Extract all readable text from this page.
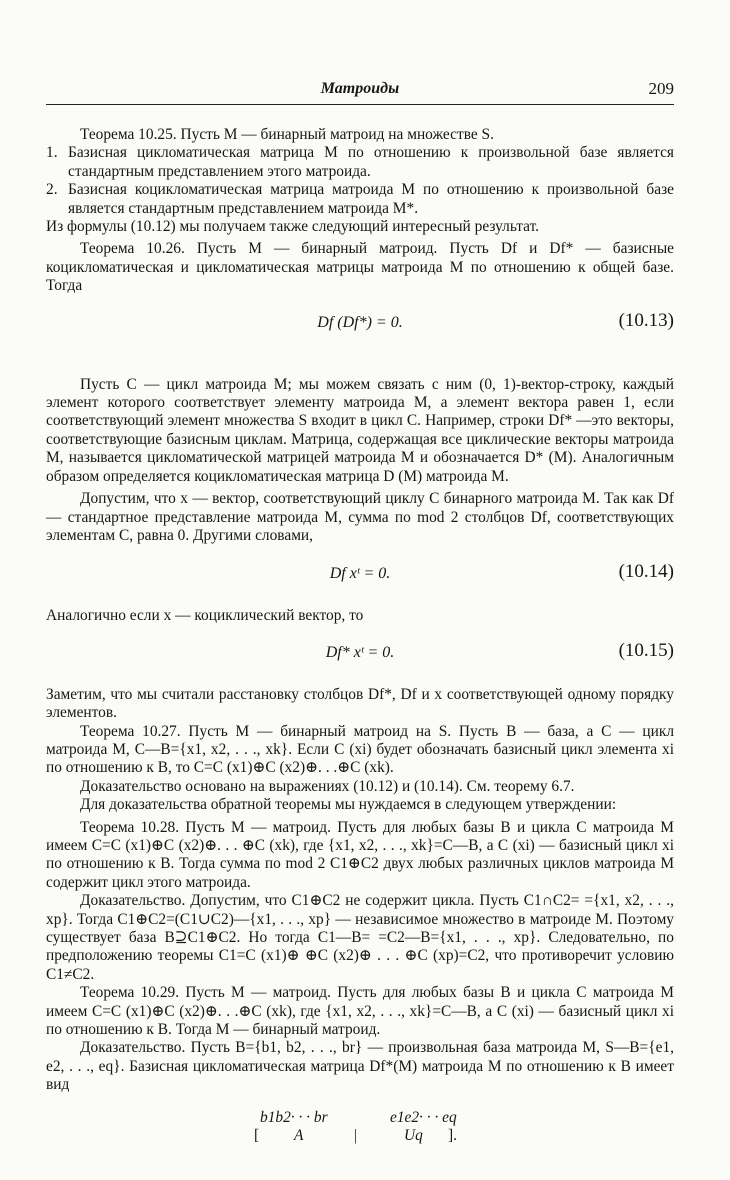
Матроиды	209

Теорема 10.25. Пусть M — бинарный матроид на множестве S.

1. Базисная цикломатическая матрица M по отношению к произвольной базе является стандартным представлением этого матроида.
2. Базисная коцикломатическая матрица матроида M по отношению к произвольной базе является стандартным представлением матроида M*.

Из формулы (10.12) мы получаем также следующий интересный результат.

Теорема 10.26. Пусть M — бинарный матроид. Пусть Df и Df* — базисные коцикломатическая и цикломатическая матрицы матроида M по отношению к общей базе. Тогда

Df (Df*) = 0.	(10.13)

Пусть C — цикл матроида M; мы можем связать с ним (0, 1)-вектор-строку, каждый элемент которого соответствует элементу матроида M, а элемент вектора равен 1, если соответствующий элемент множества S входит в цикл C. Например, строки Df* —это векторы, соответствующие базисным циклам. Матрица, содержащая все циклические векторы матроида M, называется цикломатической матрицей матроида M и обозначается D* (M). Аналогичным образом определяется коцикломатическая матрица D (M) матроида M.

Допустим, что x — вектор, соответствующий циклу C бинарного матроида M. Так как Df — стандартное представление матроида M, сумма по mod 2 столбцов Df, соответствующих элементам C, равна 0. Другими словами,

Df xᵗ = 0.	(10.14)

Аналогично если x — коциклический вектор, то

Df* xᵗ = 0.	(10.15)

Заметим, что мы считали расстановку столбцов Df*, Df и x соответствующей одному порядку элементов.

Теорема 10.27. Пусть M — бинарный матроид на S. Пусть B — база, а C — цикл матроида M, C—B={x1, x2, . . ., xk}. Если C (xi) будет обозначать базисный цикл элемента xi по отношению к B, то C=C (x1)⊕C (x2)⊕. . .⊕C (xk).

Доказательство основано на выражениях (10.12) и (10.14). См. теорему 6.7.

Для доказательства обратной теоремы мы нуждаемся в следующем утверждении:

Теорема 10.28. Пусть M — матроид. Пусть для любых базы B и цикла C матроида M имеем C=C (x1)⊕C (x2)⊕. . . ⊕C (xk), где {x1, x2, . . ., xk}=C—B, а C (xi) — базисный цикл xi по отношению к B. Тогда сумма по mod 2 C1⊕C2 двух любых различных циклов матроида M содержит цикл этого матроида.

Доказательство. Допустим, что C1⊕C2 не содержит цикла. Пусть C1∩C2= ={x1, x2, . . ., xp}. Тогда C1⊕C2=(C1∪C2)—{x1, . . ., xp} — независимое множество в матроиде M. Поэтому существует база B⊇C1⊕C2. Но тогда C1—B= =C2—B={x1, . . ., xp}. Следовательно, по предположению теоремы C1=C (x1)⊕ ⊕C (x2)⊕ . . . ⊕C (xp)=C2, что противоречит условию C1≠C2.

Теорема 10.29. Пусть M — матроид. Пусть для любых базы B и цикла C матроида M имеем C=C (x1)⊕C (x2)⊕. . .⊕C (xk), где {x1, x2, . . ., xk}=C—B, а C (xi) — базисный цикл xi по отношению к B. Тогда M — бинарный матроид.

Доказательство. Пусть B={b1, b2, . . ., br} — произвольная база матроида M, S—B={e1, e2, . . ., eq}. Базисная цикломатическая матрица Df*(M) матроида M по отношению к B имеет вид

b1b2· · · br	e1e2· · · eq
[	A	|	Uq	].
